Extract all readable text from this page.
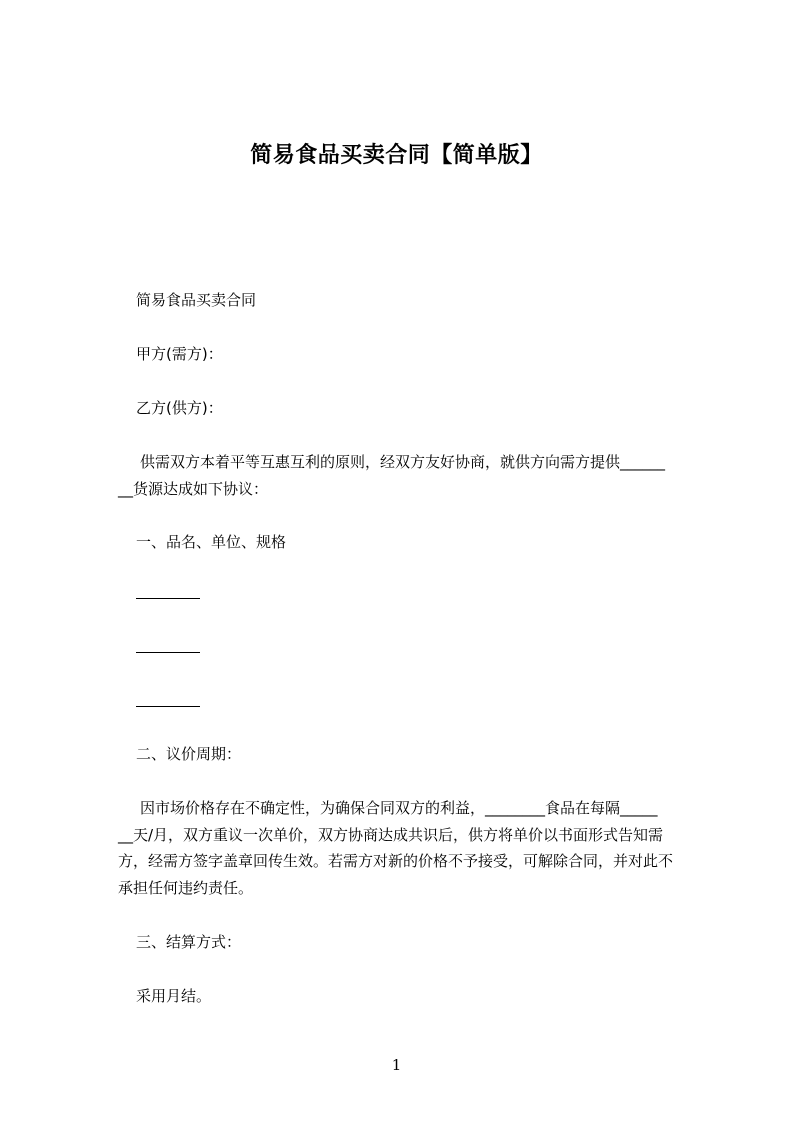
简易食品买卖合同【简单版】
简易食品买卖合同
甲方(需方)：
乙方(供方)：
供需双方本着平等互惠互利的原则，经双方友好协商，就供方向需方提供______
__货源达成如下协议：
一、品名、单位、规格
二、议价周期：
因市场价格存在不确定性，为确保合同双方的利益，________食品在每隔_____
__天/月，双方重议一次单价，双方协商达成共识后，供方将单价以书面形式告知需
方，经需方签字盖章回传生效。若需方对新的价格不予接受，可解除合同，并对此不
承担任何违约责任。
三、结算方式：
采用月结。
1
